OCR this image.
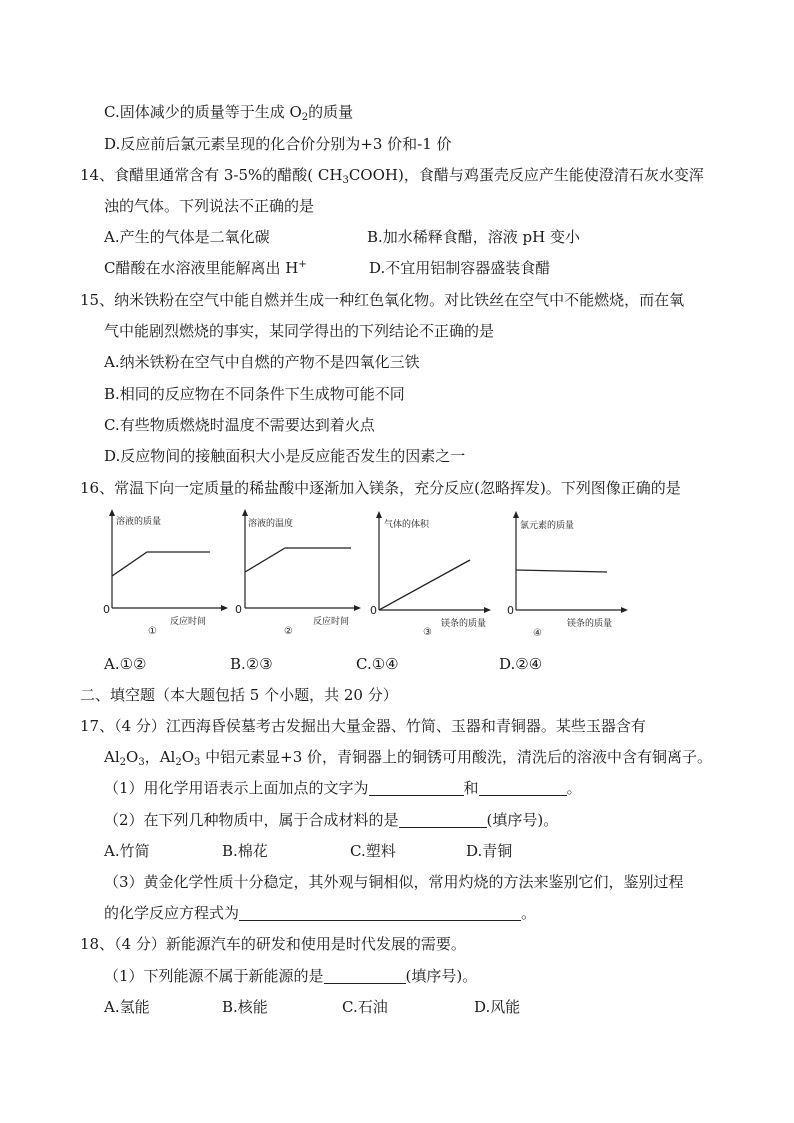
C.固体减少的质量等于生成 $O_2$的质量
D.反应前后氯元素呈现的化合价分别为+3 价和-1 价
14、食醋里通常含有 3-5%的醋酸( $CH_3COOH$)，食醋与鸡蛋壳反应产生能使澄清石灰水变浑
浊的气体。下列说法不正确的是
A.产生的气体是二氧化碳	B.加水稀释食醋，溶液 pH 变小
C醋酸在水溶液里能解离出 H+	D.不宜用铝制容器盛装食醋
15、纳米铁粉在空气中能自燃并生成一种红色氧化物。对比铁丝在空气中不能燃烧，而在氧
气中能剧烈燃烧的事实，某同学得出的下列结论不正确的是
A.纳米铁粉在空气中自燃的产物不是四氧化三铁
B.相同的反应物在不同条件下生成物可能不同
C.有些物质燃烧时温度不需要达到着火点
D.反应物间的接触面积大小是反应能否发生的因素之一
16、常温下向一定质量的稀盐酸中逐渐加入镁条，充分反应(忽略挥发)。下列图像正确的是
溶液的质量
反应时间
0
①
溶液的温度
反应时间
0
②
气体的体积
镁条的质量
0
③
氯元素的质量
镁条的质量
0
④
A.①②	B.②③	C.①④	D.②④
二、填空题（本大题包括 5 个小题，共 20 分）
17、（4 分）江西海昏侯墓考古发掘出大量金器、竹简、玉器和青铜器。某些玉器含有
$Al_2O_3$，$Al_2O_3$ 中铝元素显+3 价，青铜器上的铜锈可用酸洗，清洗后的溶液中含有铜离子。
（1）用化学用语表示上面加点的文字为	和	。
（2）在下列几种物质中，属于合成材料的是	(填序号)。
A.竹简	B.棉花	C.塑料	D.青铜
（3）黄金化学性质十分稳定，其外观与铜相似，常用灼烧的方法来鉴别它们，鉴别过程
的化学反应方程式为	。
18、（4 分）新能源汽车的研发和使用是时代发展的需要。
（1）下列能源不属于新能源的是	(填序号)。
A.氢能	B.核能	C.石油	D.风能
